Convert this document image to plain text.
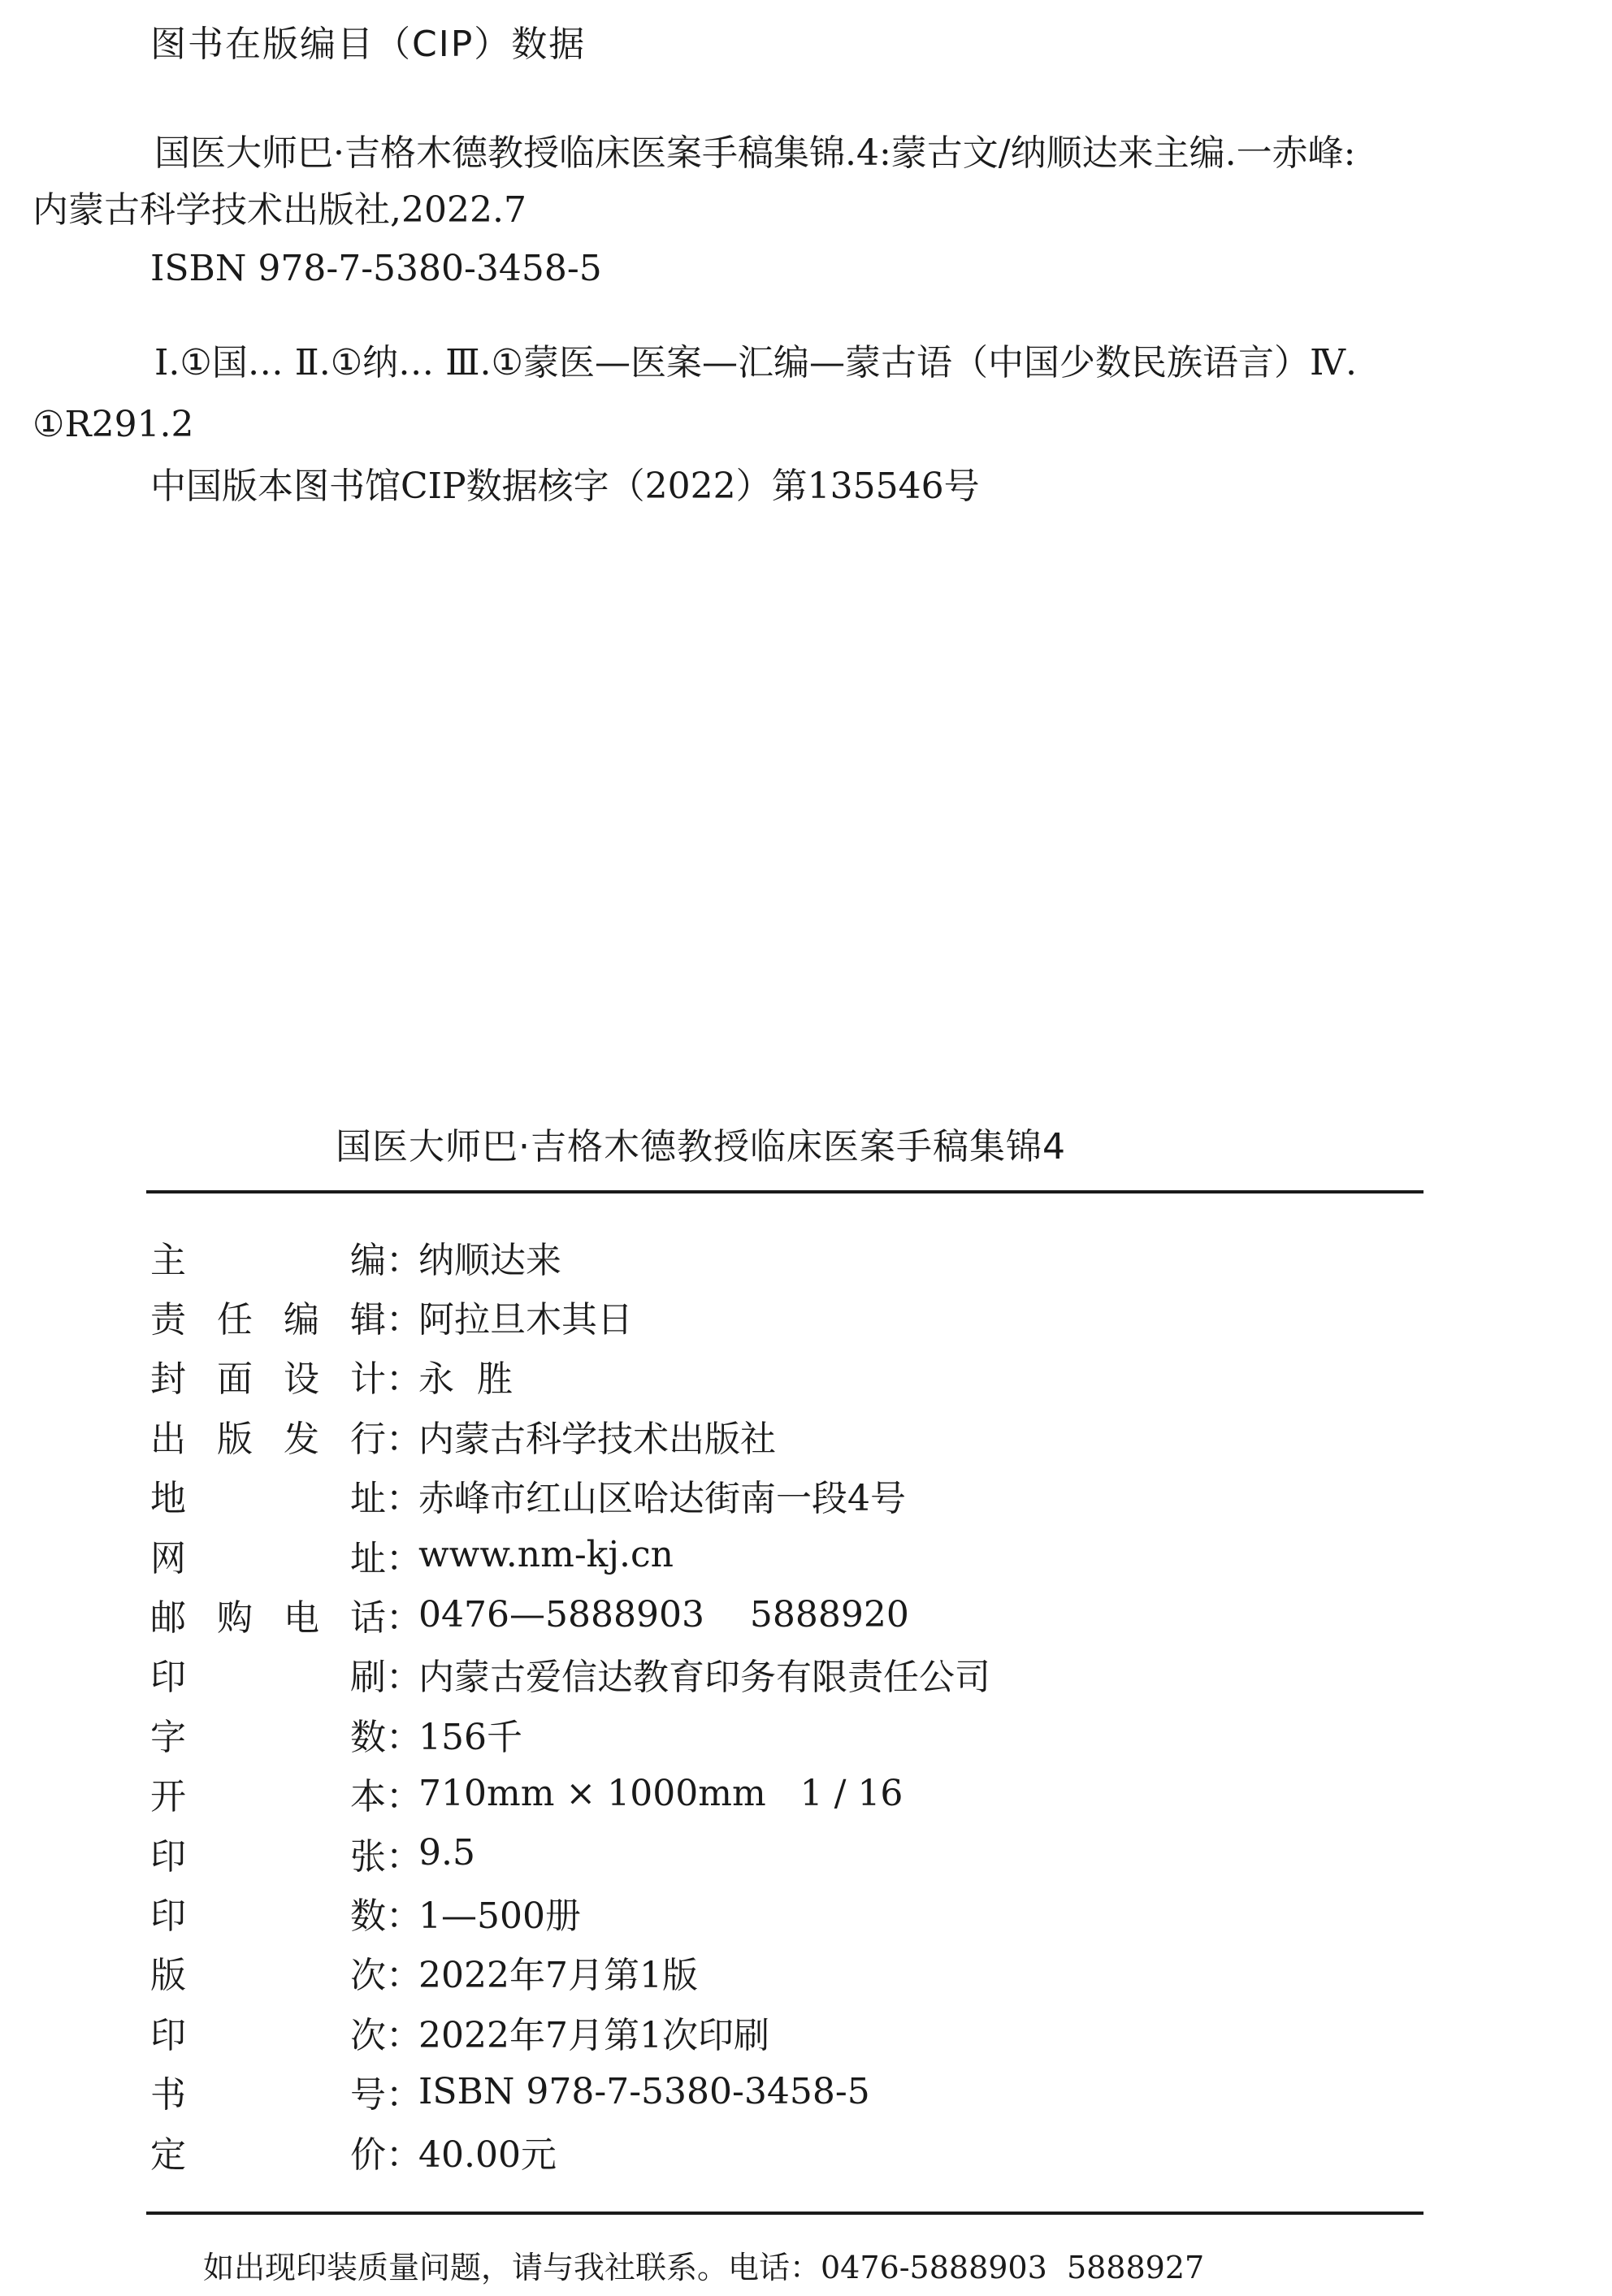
图书在版编目（CIP）数据
国医大师巴·吉格木德教授临床医案手稿集锦.4:蒙古文/纳顺达来主编.一赤峰:
内蒙古科学技术出版社,2022.7
ISBN 978-7-5380-3458-5
Ⅰ.①国… Ⅱ.①纳… Ⅲ.①蒙医—医案—汇编—蒙古语（中国少数民族语言）Ⅳ.
①R291.2
中国版本图书馆CIP数据核字（2022）第135546号
国医大师巴·吉格木德教授临床医案手稿集锦4
主	编 ：
纳顺达来
责 任 编 辑 ：
阿拉旦木其日
封 面 设 计 ：
永  胜
出 版 发 行 ：
内蒙古科学技术出版社
地	址 ：
赤峰市红山区哈达街南一段4号
网	址 ：
www.nm-kj.cn
邮 购 电 话 ：
0476—5888903    5888920
印	刷 ：
内蒙古爱信达教育印务有限责任公司
字	数 ：
156千
开	本 ：
710mm × 1000mm   1 / 16
印	张 ：
9.5
印	数 ：
1—500册
版	次 ：
2022年7月第1版
印	次 ：
2022年7月第1次印刷
书	号 ：
ISBN 978-7-5380-3458-5
定	价 ：
40.00元
如出现印装质量问题，请与我社联系。电话：0476-5888903  5888927
